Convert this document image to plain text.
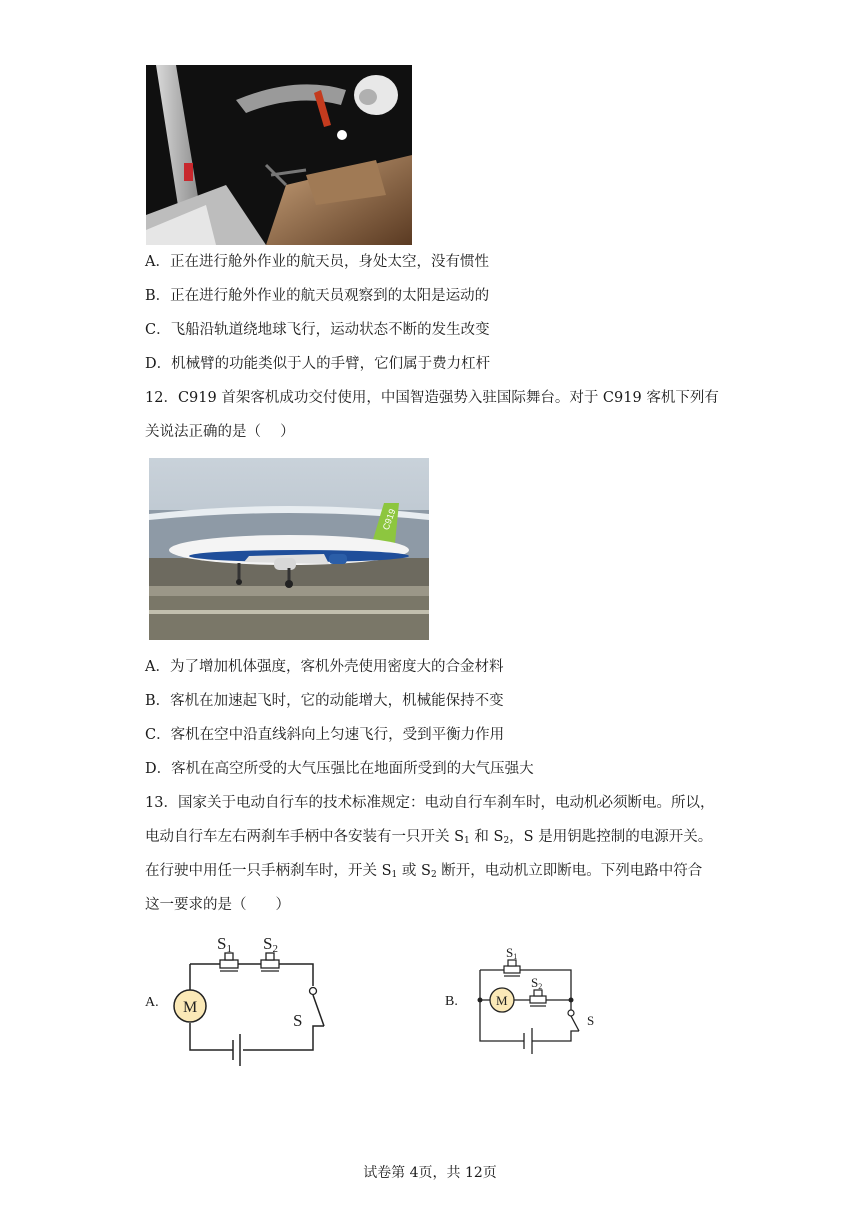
A．正在进行舱外作业的航天员，身处太空，没有惯性
B．正在进行舱外作业的航天员观察到的太阳是运动的
C．飞船沿轨道绕地球飞行，运动状态不断的发生改变
D．机械臂的功能类似于人的手臂，它们属于费力杠杆
12．C919 首架客机成功交付使用，中国智造强势入驻国际舞台。对于 C919 客机下列有
关说法正确的是（　 ）
C919
A．为了增加机体强度，客机外壳使用密度大的合金材料
B．客机在加速起飞时，它的动能增大，机械能保持不变
C．客机在空中沿直线斜向上匀速飞行，受到平衡力作用
D．客机在高空所受的大气压强比在地面所受到的大气压强大
13．国家关于电动自行车的技术标准规定：电动自行车刹车时，电动机必须断电。所以，
电动自行车左右两刹车手柄中各安装有一只开关 $S_1$ 和 $S_2$，S 是用钥匙控制的电源开关。
在行驶中用任一只手柄刹车时，开关 $S_1$ 或 $S_2$ 断开，电动机立即断电。下列电路中符合
这一要求的是（　　）
A.
S1 S2
M
S
B.
S1
M
S2
S
试卷第 4页，共 12页
